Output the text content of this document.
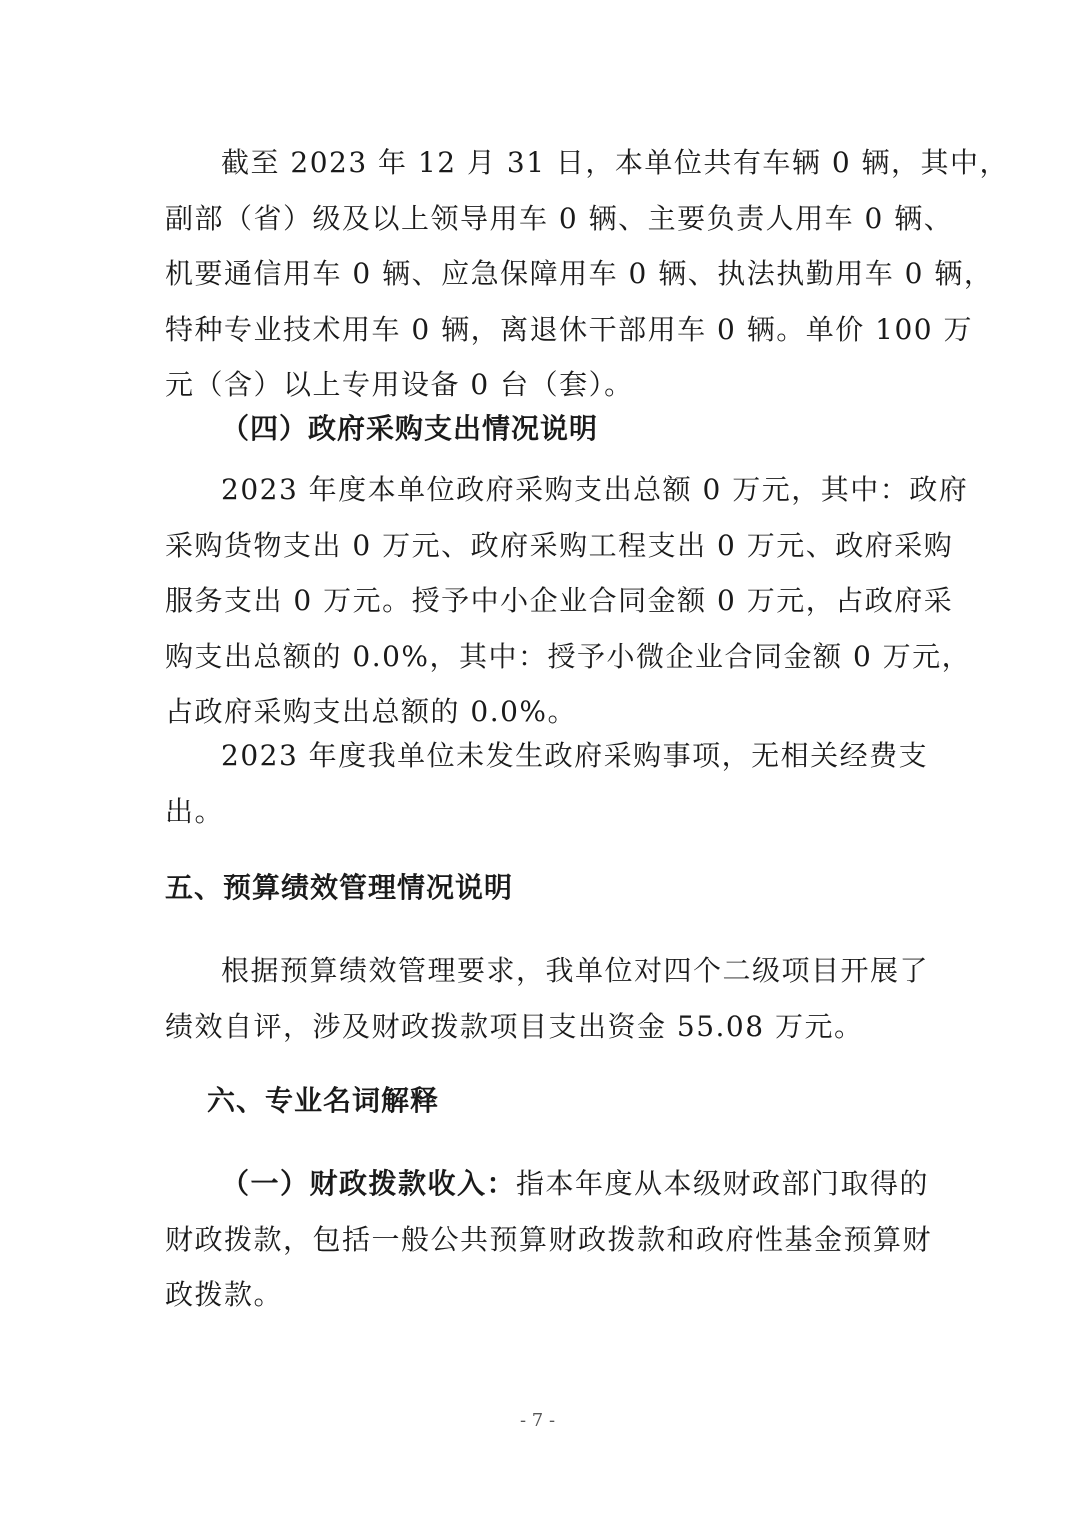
截至 2023 年 12 月 31 日，本单位共有车辆 0 辆，其中，
副部（省）级及以上领导用车 0 辆、主要负责人用车 0 辆、
机要通信用车 0 辆、应急保障用车 0 辆、执法执勤用车 0 辆，
特种专业技术用车 0 辆，离退休干部用车 0 辆。单价 100 万
元（含）以上专用设备 0 台（套）。
（四）政府采购支出情况说明
2023 年度本单位政府采购支出总额 0 万元，其中：政府
采购货物支出 0 万元、政府采购工程支出 0 万元、政府采购
服务支出 0 万元。授予中小企业合同金额 0 万元，占政府采
购支出总额的 0.0%，其中：授予小微企业合同金额 0 万元，
占政府采购支出总额的 0.0%。
2023 年度我单位未发生政府采购事项，无相关经费支
出。
五、预算绩效管理情况说明
根据预算绩效管理要求，我单位对四个二级项目开展了
绩效自评，涉及财政拨款项目支出资金 55.08 万元。
六、专业名词解释
（一）财政拨款收入：指本年度从本级财政部门取得的
财政拨款，包括一般公共预算财政拨款和政府性基金预算财
政拨款。
- 7 -
